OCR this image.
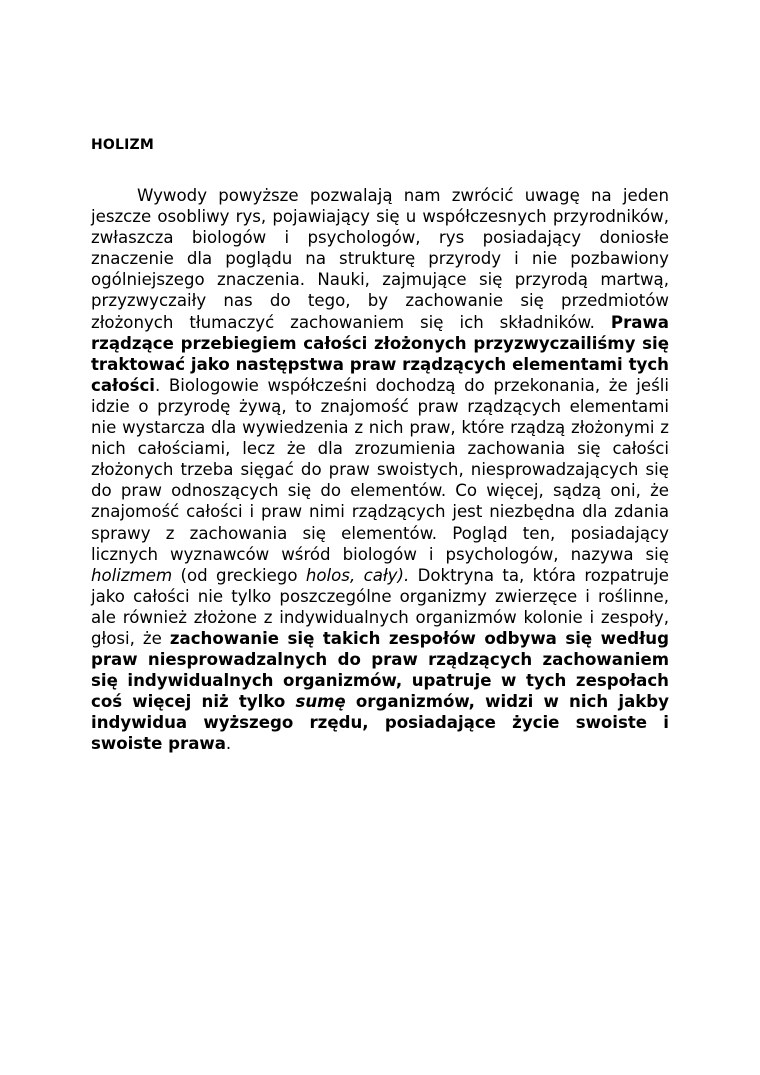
HOLIZM

Wywody powyższe pozwalają nam zwrócić uwagę na jeden jeszcze osobliwy rys, pojawiający się u współczesnych przyrodników, zwłaszcza biologów i psychologów, rys posiadający doniosłe znaczenie dla poglądu na strukturę przyrody i nie pozbawiony ogólniejszego znaczenia. Nauki, zajmujące się przyrodą martwą, przyzwyczaiły nas do tego, by zachowanie się przedmiotów złożonych tłumaczyć zachowaniem się ich składników. Prawa rządzące przebiegiem całości złożonych przyzwyczailiśmy się traktować jako następstwa praw rządzących elementami tych całości. Biologowie współcześni dochodzą do przekonania, że jeśli idzie o przyrodę żywą, to znajomość praw rządzących elementami nie wystarcza dla wywiedzenia z nich praw, które rządzą złożonymi z nich całościami, lecz że dla zrozumienia zachowania się całości złożonych trzeba sięgać do praw swoistych, niesprowadzających się do praw odnoszących się do elementów. Co więcej, sądzą oni, że znajomość całości i praw nimi rządzących jest niezbędna dla zdania sprawy z zachowania się elementów. Pogląd ten, posiadający licznych wyznawców wśród biologów i psychologów, nazywa się holizmem (od greckiego holos, cały). Doktryna ta, która rozpatruje jako całości nie tylko poszczególne organizmy zwierzęce i roślinne, ale również złożone z indywidualnych organizmów kolonie i zespoły, głosi, że zachowanie się takich zespołów odbywa się według praw niesprowadzalnych do praw rządzących zachowaniem się indywidualnych organizmów, upatruje w tych zespołach coś więcej niż tylko sumę organizmów, widzi w nich jakby indywidua wyższego rzędu, posiadające życie swoiste i swoiste prawa.
